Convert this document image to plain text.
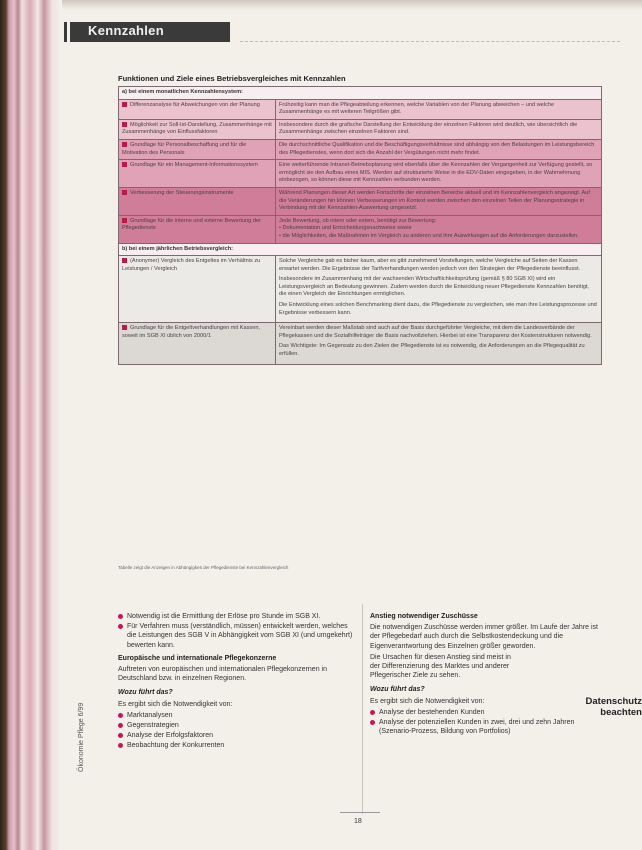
Kennzahlen
Funktionen und Ziele eines Betriebsvergleiches mit Kennzahlen
a) bei einem monatlichen Kennzahlensystem:	
Differenzanalyse für Abweichungen von der Planung	Frühzeitig kann man die Pflegeabteilung erkennen, welche Variablen von der Planung abweichen – und welche Zusammenhänge es mit weiteren Teilgrößen gibt.
Möglichkeit zur Soll-Ist-Darstellung, Zusammenhänge mit Zusammenhänge von Einflussfaktoren	Insbesondere durch die grafische Darstellung der Entwicklung der einzelnen Faktoren wird deutlich, wie übersichtlich die Zusammenhänge zwischen einzelnen Faktoren sind.
Grundlage für Personalbeschaffung und für die Motivation des Personals	Die durchschnittliche Qualifikation und die Beschäftigungsverhältnisse sind abhängig von den Belastungen im Leistungsbereich des Pflegedienstes, wenn dort sich die Anzahl der Vergütungen nicht mehr findet.
Grundlage für ein Management-Informationssystem	Eine weiterführende Intranet-Betriebsplanung wird ebenfalls über die Kennzahlen der Vergangenheit zur Verfügung gestellt, so ermöglicht sie den Aufbau eines MIS. Werden auf strukturierte Weise in die EDV-Daten eingegeben, in der Wahrnehmung einbezogen, so können diese mit Kennzahlen verbunden werden.
Verbesserung der Steuerungsinstrumente	Während Planungen dieser Art werden Fortschritte der einzelnen Bereiche aktuell und im Kennzahlenvergleich angezeigt. Auf die Veränderungen hin können Verbesserungen im Kontext werden zwischen den einzelnen Teilen der Planungsstrategie in Verbindung mit der Kennzahlen-Auswertung umgesetzt.
Grundlage für die interne und externe Bewertung der Pflegedienste	Jede Bewertung, ob intern oder extern, benötigt zur Bewertung:
• Dokumentation und Entscheidungsnachweise sowie
• die Möglichkeiten, die Maßnahmen im Vergleich zu anderen und ihre Auswirkungen auf die Anforderungen darzustellen.
b) bei einem jährlichen Betriebsvergleich:	
(Anonymer) Vergleich des Entgeltes im Verhältnis zu Leistungen / Vergleich	Solche Vergleiche gab es bisher kaum, aber es gibt zunehmend Vorstellungen, welche Vergleiche auf Seiten der Kassen erwartet werden. Die Ergebnisse der Tarifverhandlungen werden jedoch von den Strategien der Pflegedienste beeinflusst.

Insbesondere im Zusammenhang mit der wachsenden Wirtschaftlichkeitsprüfung (gemäß § 80 SGB XI) wird ein Leistungsvergleich an Bedeutung gewinnen. Zudem werden durch die Entwicklung neuer Pflegedienste Kennzahlen benötigt, die einen Vergleich der Einrichtungen ermöglichen.

Die Entwicklung eines solchen Benchmarking dient dazu, die Pflegedienste zu vergleichen, wie man ihre Leistungsprozesse und Ergebnisse verbessern kann.

Grundlage für die Entgeltverhandlungen mit Kassen, soweit im SGB XI üblich von 2000/1	Vereinbart werden dieser Maßstab sind auch auf der Basis durchgeführter Vergleiche, mit dem die Landesverbände der Pflegekassen und die Sozialhilfeträger die Basis nachvollziehen. Hierbei ist eine Transparenz der Kostenstrukturen notwendig.

Das Wichtigste: Im Gegensatz zu den Zielen der Pflegedienste ist es notwendig, die Anforderungen an die Pflegequalität zu erfüllen.

Tabelle zeigt die Anzeigen in Abhängigkeit der Pflegedienste bei Kennzahlenvergleich
Notwendig ist die Ermittlung der Erlöse pro Stunde im SGB XI.
Für Verfahren muss (verständlich, müssen) entwickelt werden, welches die Leistungen des SGB V in Abhängigkeit vom SGB XI (und umgekehrt) bewerten kann.
Europäische und internationale Pflegekonzerne

Auftreten von europäischen und internationalen Pflegekonzernen in Deutschland bzw. in einzelnen Regionen.

Wozu führt das?

Es ergibt sich die Notwendigkeit von:

Marktanalysen
Gegenstrategien
Analyse der Erfolgsfaktoren
Beobachtung der Konkurrenten
Anstieg notwendiger Zuschüsse

Die notwendigen Zuschüsse werden immer größer. Im Laufe der Jahre ist der Pflegebedarf auch durch die Selbstkostendeckung und die Eigenverantwortung des Einzelnen größer geworden.

Die Ursachen für diesen Anstieg sind meist in der Differenzierung des Marktes und anderer Pflegerischer Ziele zu sehen.

Wozu führt das?

Es ergibt sich die Notwendigkeit von:

Analyse der bestehenden Kunden
Analyse der potenziellen Kunden in zwei, drei und zehn Jahren (Szenario-Prozess, Bildung von Portfolios)
Datenschutz
beachten
Ökonomie Pflege 6/99
18
